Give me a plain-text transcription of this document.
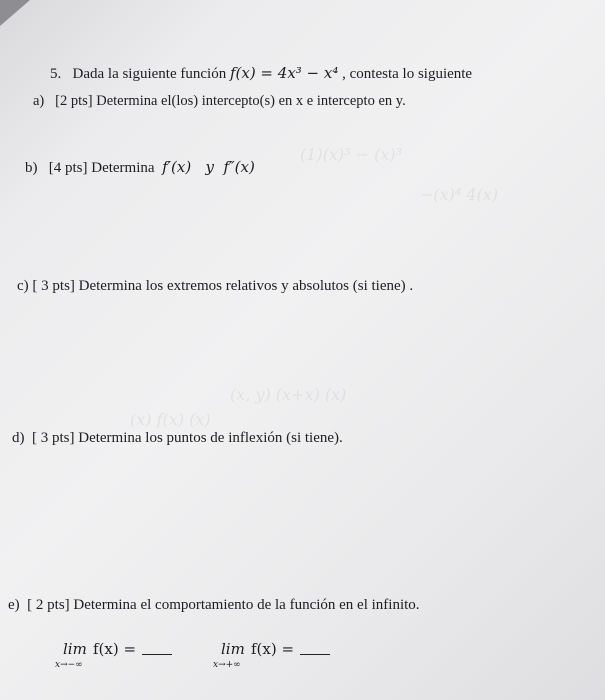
(1)(x)³ − (x)³
−(x)⁴ 4(x)
(x, y) (x+x) (x)
(x) f(x) (x)
5. Dada la siguiente función f(x) = 4x³ − x⁴ , contesta lo siguiente
a) [2 pts] Determina el(los) intercepto(s) en x e intercepto en y.
b) [4 pts] Determina f′(x)   y  f″(x)
c) [ 3 pts] Determina los extremos relativos y absolutos (si tiene) .
d) [ 3 pts] Determina los puntos de inflexión (si tiene).
e) [ 2 pts] Determina el comportamiento de la función en el infinito.
lim
x→−∞
f(x) =	lim
x→+∞
f(x) =
